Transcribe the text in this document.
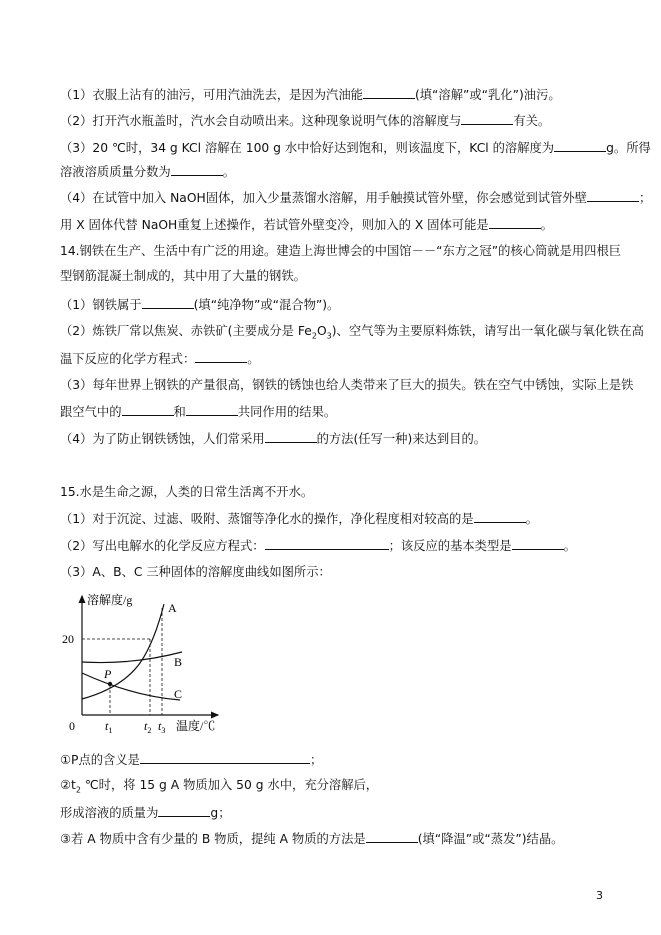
（1）衣服上沾有的油污，可用汽油洗去，是因为汽油能	(填“溶解”或“乳化”)油污。
（2）打开汽水瓶盖时，汽水会自动喷出来。这种现象说明气体的溶解度与	有关。
（3）20 ℃时，34 g KCl 溶解在 100 g 水中恰好达到饱和，则该温度下，KCl 的溶解度为	g。所得
溶液溶质质量分数为	。
（4）在试管中加入 NaOH固体，加入少量蒸馏水溶解，用手触摸试管外壁，你会感觉到试管外壁	；
用 X 固体代替 NaOH重复上述操作，若试管外壁变冷，则加入的 X 固体可能是	。
14.钢铁在生产、生活中有广泛的用途。建造上海世博会的中国馆－－“东方之冠”的核心筒就是用四根巨
型钢筋混凝土制成的，其中用了大量的钢铁。
（1）钢铁属于	(填“纯净物”或“混合物”)。
（2）炼铁厂常以焦炭、赤铁矿(主要成分是 $Fe_2O_3$)、空气等为主要原料炼铁，请写出一氧化碳与氧化铁在高
温下反应的化学方程式：	。
（3）每年世界上钢铁的产量很高，钢铁的锈蚀也给人类带来了巨大的损失。铁在空气中锈蚀，实际上是铁
跟空气中的	和	共同作用的结果。
（4）为了防止钢铁锈蚀，人们常采用	的方法(任写一种)来达到目的。
15.水是生命之源，人类的日常生活离不开水。
（1）对于沉淀、过滤、吸附、蒸馏等净化水的操作，净化程度相对较高的是	。
（2）写出电解水的化学反应方程式：	；该反应的基本类型是	。
（3）A、B、C 三种固体的溶解度曲线如图所示：
溶解度/g
温度/℃
0
20
A
B
C
P
$t_1$	$t_2$ $t_3$
①P点的含义是	；
$②t_2$ ℃时，将 15 g A 物质加入 50 g 水中，充分溶解后，
形成溶液的质量为	g；
③若 A 物质中含有少量的 B 物质，提纯 A 物质的方法是	(填“降温”或“蒸发”)结晶。
3
